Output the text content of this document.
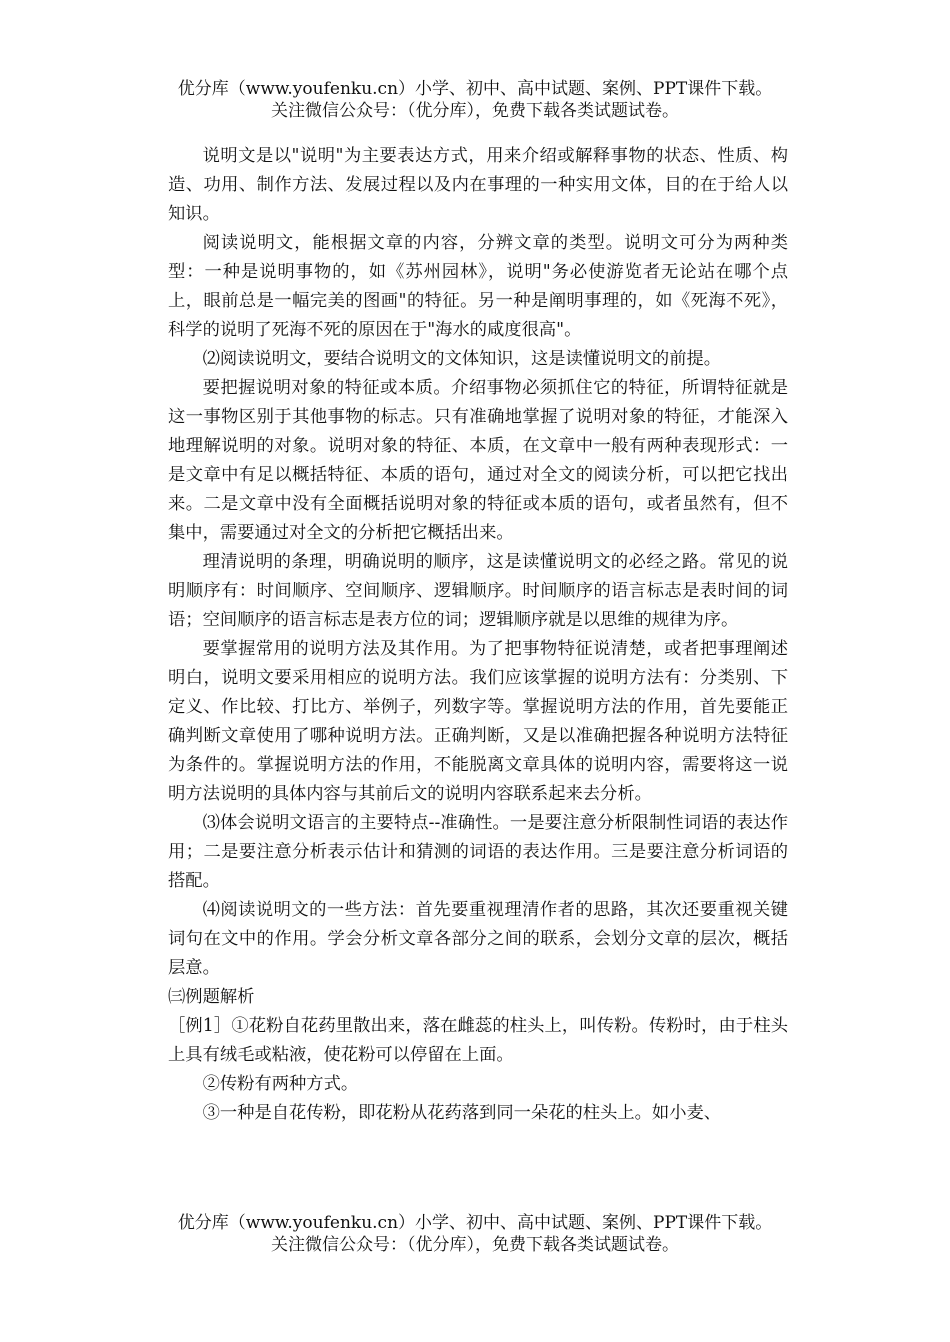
优分库（www.youfenku.cn）小学、初中、高中试题、案例、PPT课件下载。
关注微信公众号：（优分库），免费下载各类试题试卷。

说明文是以"说明"为主要表达方式，用来介绍或解释事物的状态、性质、构造、功用、制作方法、发展过程以及内在事理的一种实用文体，目的在于给人以知识。

阅读说明文，能根据文章的内容，分辨文章的类型。说明文可分为两种类型：一种是说明事物的，如《苏州园林》，说明"务必使游览者无论站在哪个点上，眼前总是一幅完美的图画"的特征。另一种是阐明事理的，如《死海不死》，科学的说明了死海不死的原因在于"海水的咸度很高"。

⑵阅读说明文，要结合说明文的文体知识，这是读懂说明文的前提。

要把握说明对象的特征或本质。介绍事物必须抓住它的特征，所谓特征就是这一事物区别于其他事物的标志。只有准确地掌握了说明对象的特征，才能深入地理解说明的对象。说明对象的特征、本质，在文章中一般有两种表现形式：一是文章中有足以概括特征、本质的语句，通过对全文的阅读分析，可以把它找出来。二是文章中没有全面概括说明对象的特征或本质的语句，或者虽然有，但不集中，需要通过对全文的分析把它概括出来。

理清说明的条理，明确说明的顺序，这是读懂说明文的必经之路。常见的说明顺序有：时间顺序、空间顺序、逻辑顺序。时间顺序的语言标志是表时间的词语；空间顺序的语言标志是表方位的词；逻辑顺序就是以思维的规律为序。

要掌握常用的说明方法及其作用。为了把事物特征说清楚，或者把事理阐述明白，说明文要采用相应的说明方法。我们应该掌握的说明方法有：分类别、下定义、作比较、打比方、举例子，列数字等。掌握说明方法的作用，首先要能正确判断文章使用了哪种说明方法。正确判断，又是以准确把握各种说明方法特征为条件的。掌握说明方法的作用，不能脱离文章具体的说明内容，需要将这一说明方法说明的具体内容与其前后文的说明内容联系起来去分析。

⑶体会说明文语言的主要特点--准确性。一是要注意分析限制性词语的表达作用；二是要注意分析表示估计和猜测的词语的表达作用。三是要注意分析词语的搭配。

⑷阅读说明文的一些方法：首先要重视理清作者的思路，其次还要重视关键词句在文中的作用。学会分析文章各部分之间的联系，会划分文章的层次，概括层意。

㈢例题解析

［例1］①花粉自花药里散出来，落在雌蕊的柱头上，叫传粉。传粉时，由于柱头上具有绒毛或粘液，使花粉可以停留在上面。

②传粉有两种方式。

③一种是自花传粉，即花粉从花药落到同一朵花的柱头上。如小麦、

优分库（www.youfenku.cn）小学、初中、高中试题、案例、PPT课件下载。
关注微信公众号：（优分库），免费下载各类试题试卷。
